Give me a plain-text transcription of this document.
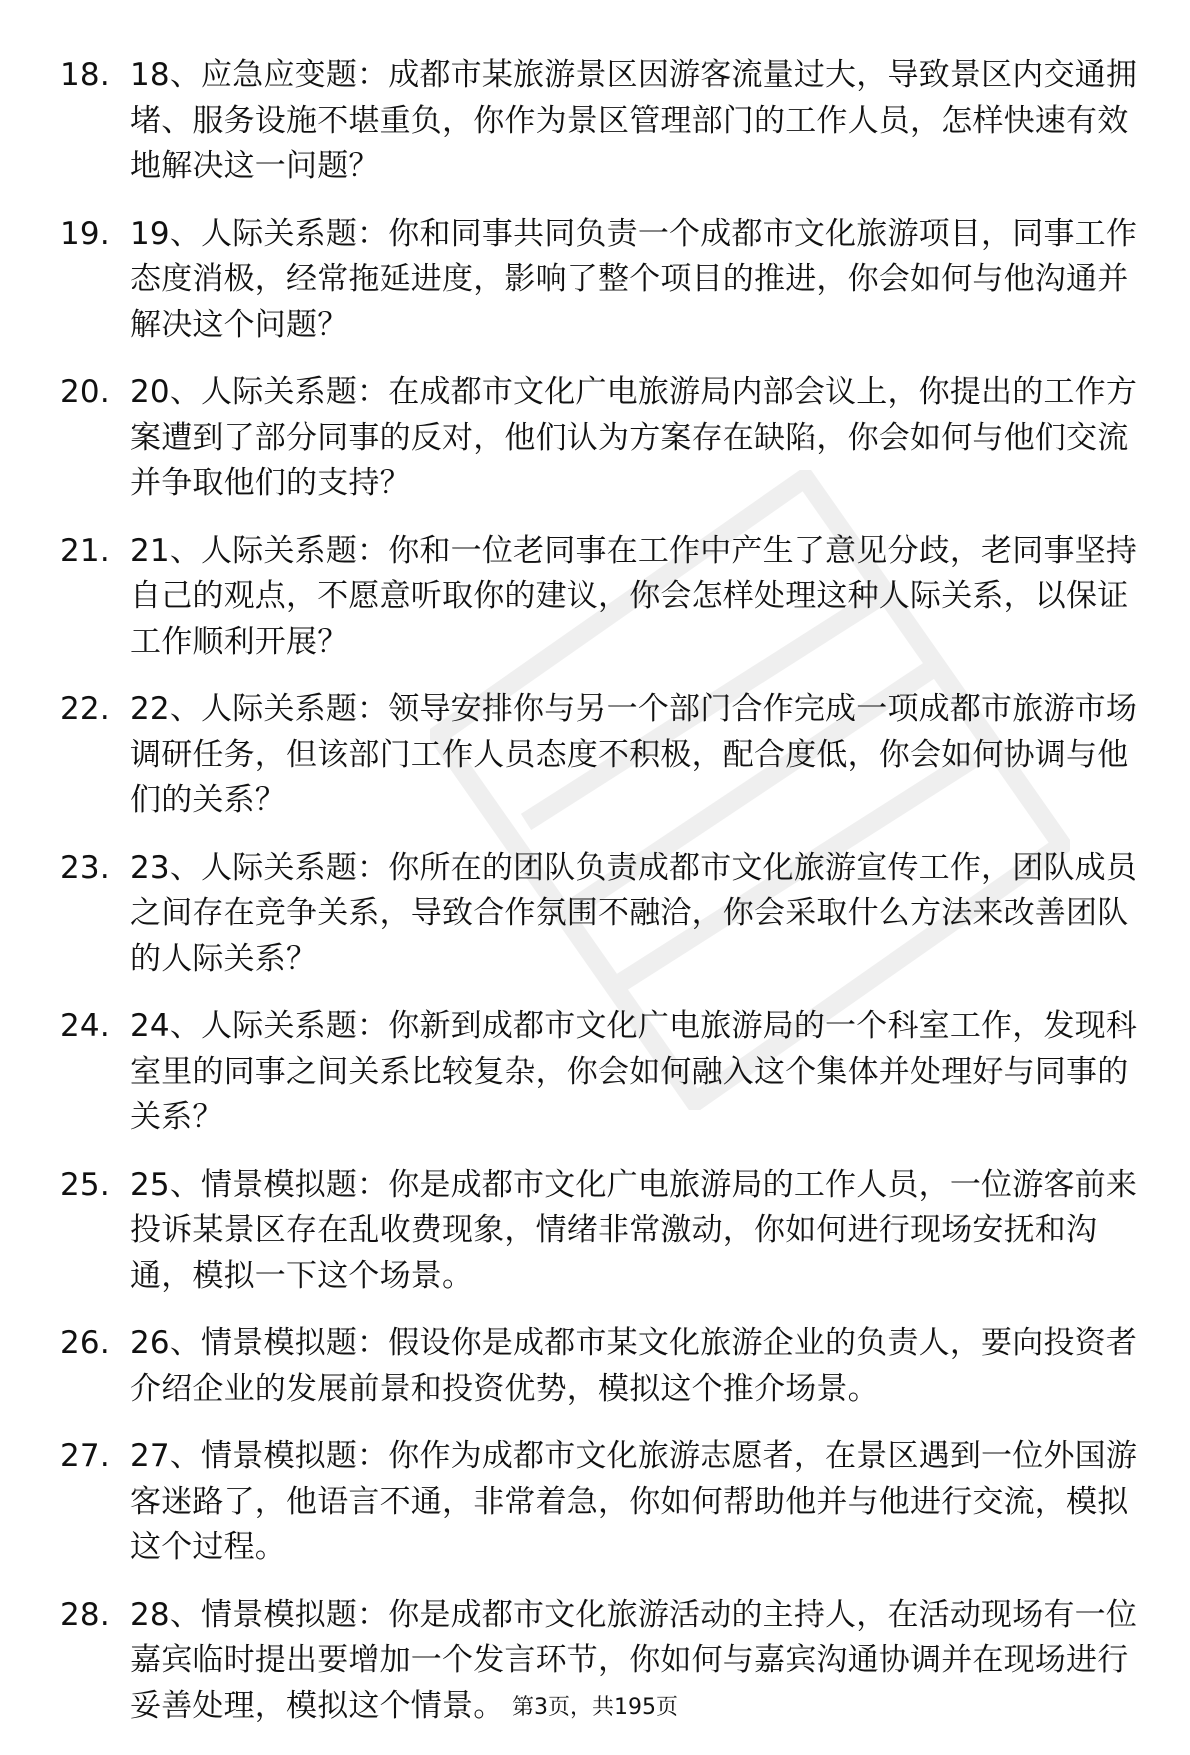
18. 18、应急应变题：成都市某旅游景区因游客流量过大，导致景区内交通拥堵、服务设施不堪重负，你作为景区管理部门的工作人员，怎样快速有效地解决这一问题？
19. 19、人际关系题：你和同事共同负责一个成都市文化旅游项目，同事工作态度消极，经常拖延进度，影响了整个项目的推进，你会如何与他沟通并解决这个问题？
20. 20、人际关系题：在成都市文化广电旅游局内部会议上，你提出的工作方案遭到了部分同事的反对，他们认为方案存在缺陷，你会如何与他们交流并争取他们的支持？
21. 21、人际关系题：你和一位老同事在工作中产生了意见分歧，老同事坚持自己的观点，不愿意听取你的建议，你会怎样处理这种人际关系，以保证工作顺利开展？
22. 22、人际关系题：领导安排你与另一个部门合作完成一项成都市旅游市场调研任务，但该部门工作人员态度不积极，配合度低，你会如何协调与他们的关系？
23. 23、人际关系题：你所在的团队负责成都市文化旅游宣传工作，团队成员之间存在竞争关系，导致合作氛围不融洽，你会采取什么方法来改善团队的人际关系？
24. 24、人际关系题：你新到成都市文化广电旅游局的一个科室工作，发现科室里的同事之间关系比较复杂，你会如何融入这个集体并处理好与同事的关系？
25. 25、情景模拟题：你是成都市文化广电旅游局的工作人员，一位游客前来投诉某景区存在乱收费现象，情绪非常激动，你如何进行现场安抚和沟通，模拟一下这个场景。
26. 26、情景模拟题：假设你是成都市某文化旅游企业的负责人，要向投资者介绍企业的发展前景和投资优势，模拟这个推介场景。
27. 27、情景模拟题：你作为成都市文化旅游志愿者，在景区遇到一位外国游客迷路了，他语言不通，非常着急，你如何帮助他并与他进行交流，模拟这个过程。
28. 28、情景模拟题：你是成都市文化旅游活动的主持人，在活动现场有一位嘉宾临时提出要增加一个发言环节，你如何与嘉宾沟通协调并在现场进行妥善处理，模拟这个情景。 第3页，共195页
